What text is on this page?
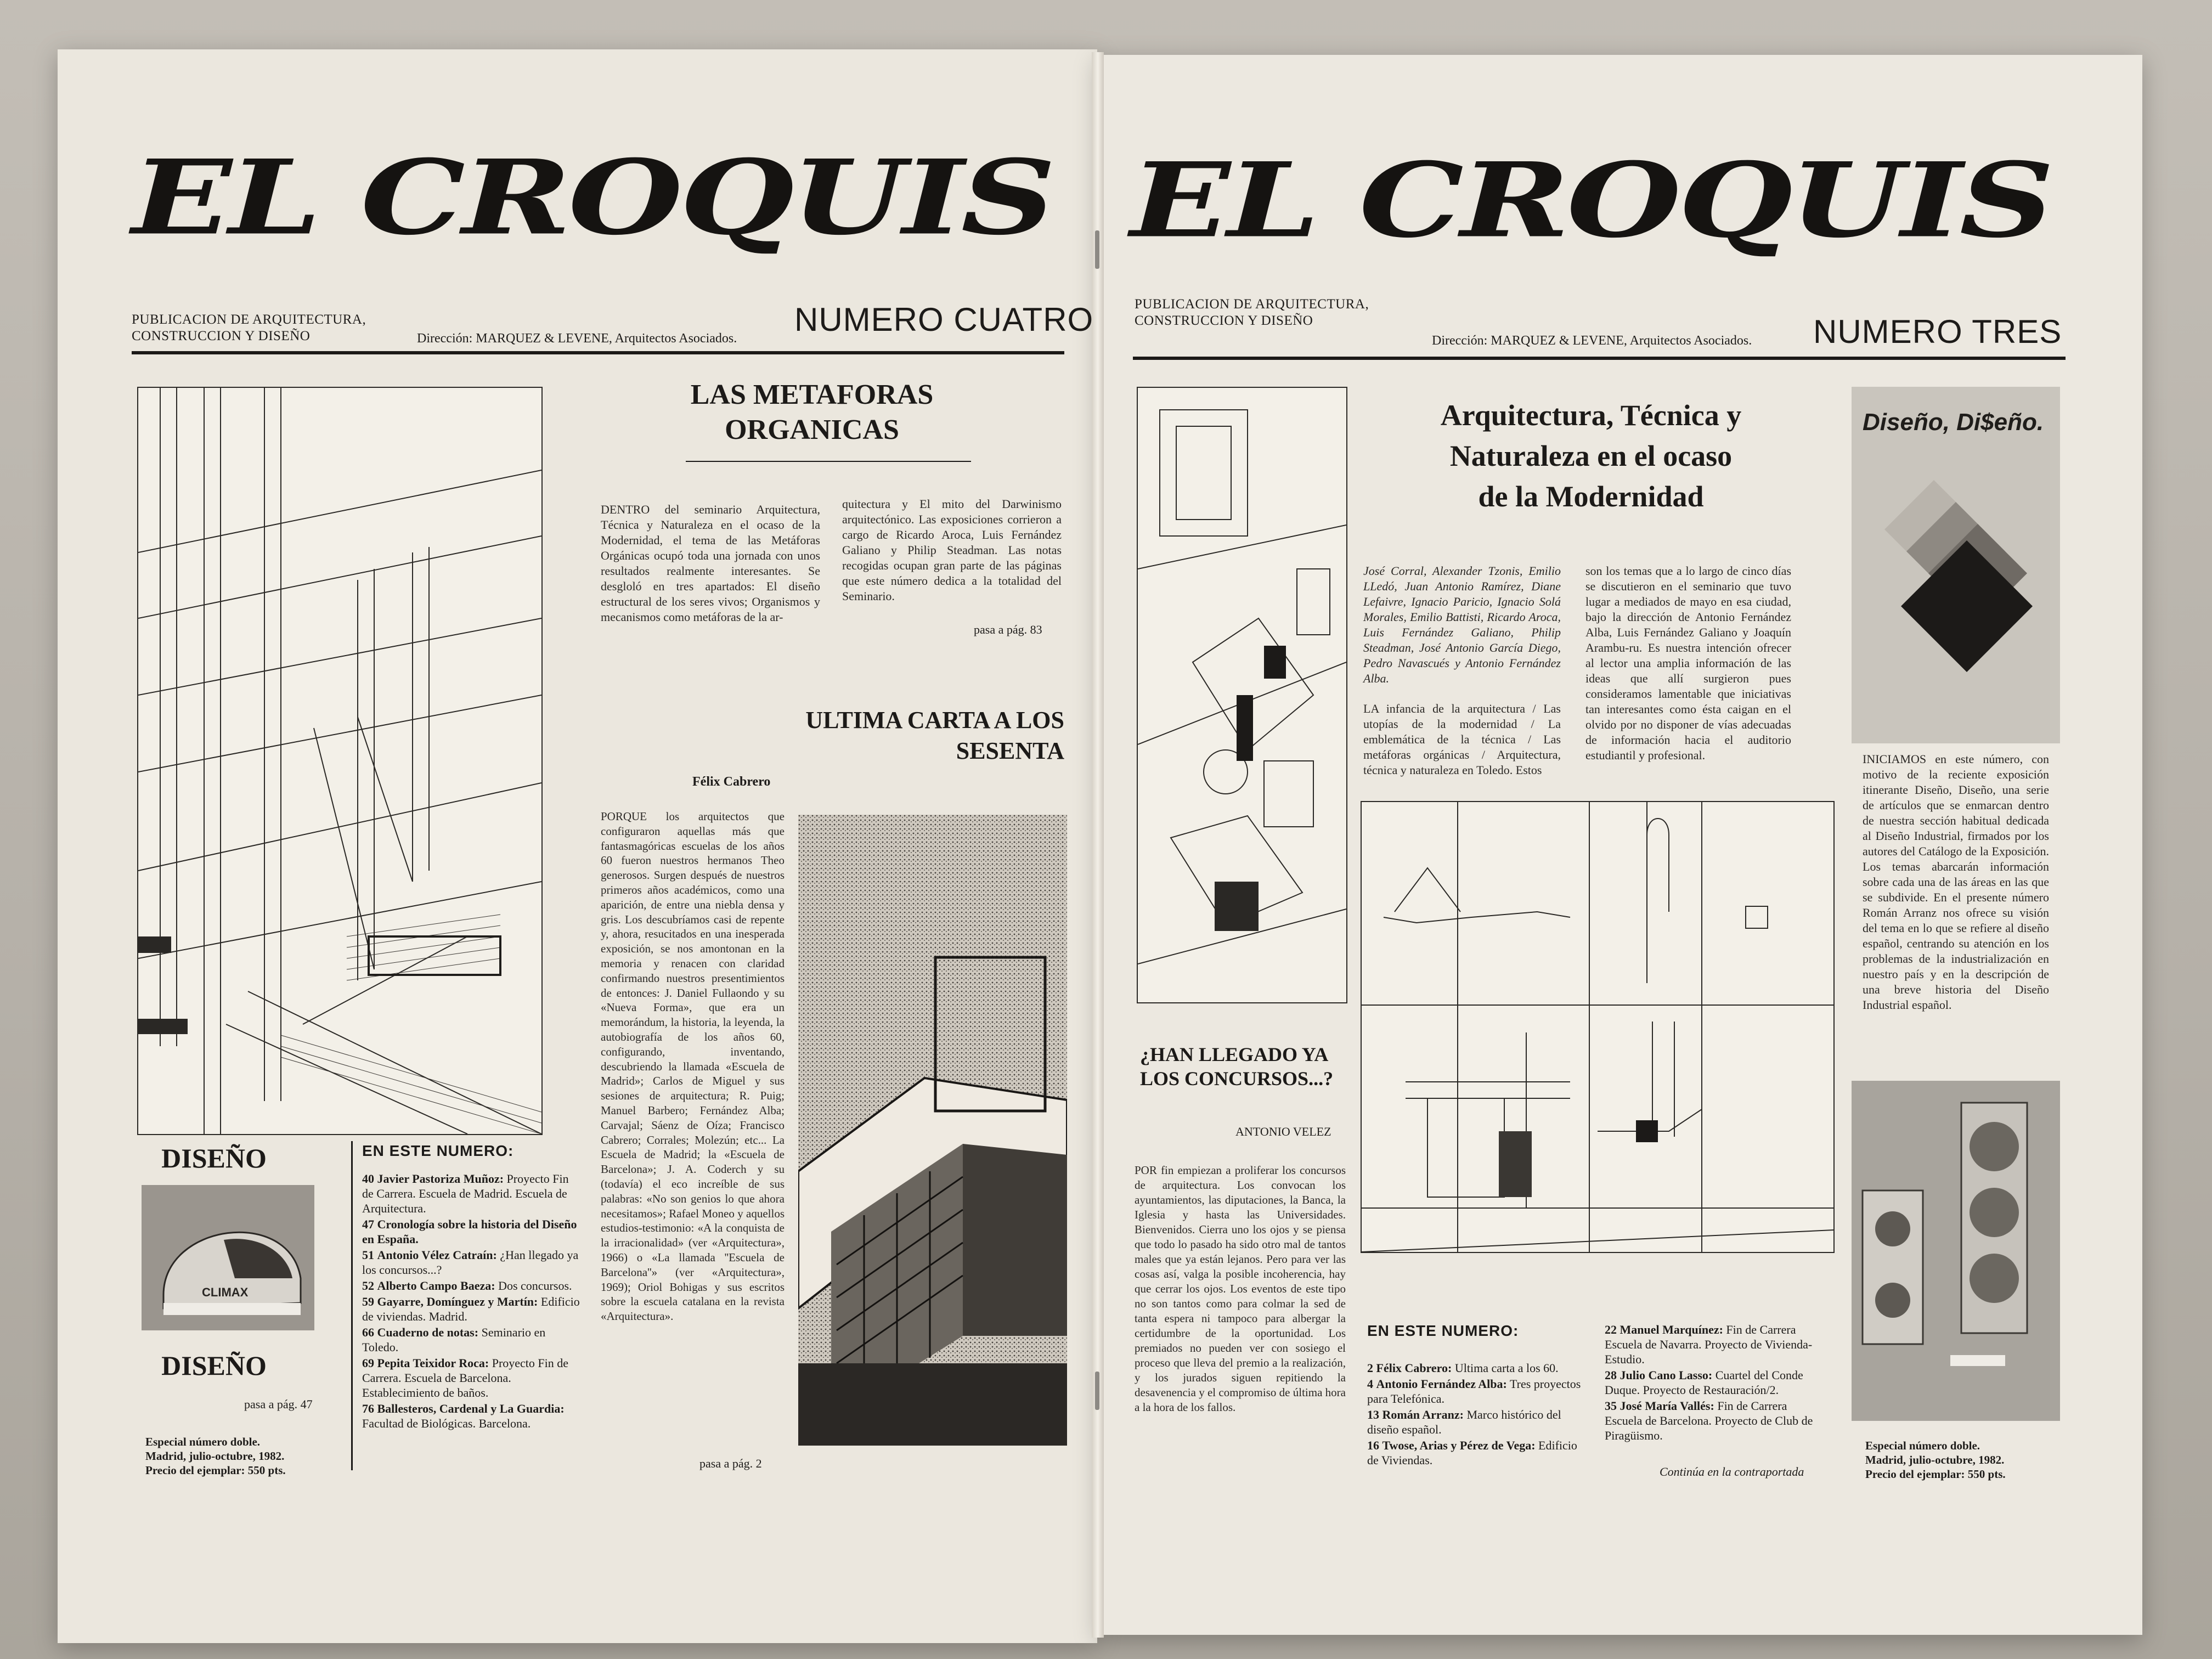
EL CROQUIS
PUBLICACION DE ARQUITECTURA,
CONSTRUCCION Y DISEÑO	Dirección: MARQUEZ & LEVENE, Arquitectos Asociados.
NUMERO CUATRO
LAS METAFORAS
ORGANICAS
DENTRO del seminario Arquitectura, Técnica y Naturaleza en el ocaso de la Modernidad, el tema de las Metáforas Orgánicas ocupó toda una jornada con unos resultados realmente interesantes. Se desgloló en tres apartados: El diseño estructural de los seres vivos; Organismos y mecanismos como metáforas de la ar-
quitectura y El mito del Darwinismo arquitectónico. Las exposiciones corrieron a cargo de Ricardo Aroca, Luis Fernández Galiano y Philip Steadman. Las notas recogidas ocupan gran parte de las páginas que este número dedica a la totalidad del Seminario.
pasa a pág. 83
ULTIMA CARTA A LOS
SESENTA
Félix Cabrero
PORQUE los arquitectos que configuraron aquellas más que fantasmagóricas escuelas de los años 60 fueron nuestros hermanos Theo generosos. Surgen después de nuestros primeros años académicos, como una aparición, de entre una niebla densa y gris. Los descubríamos casi de repente y, ahora, resucitados en una inesperada exposición, se nos amontonan en la memoria y renacen con claridad confirmando nuestros presentimientos de entonces: J. Daniel Fullaondo y su «Nueva Forma», que era un memorándum, la historia, la leyenda, la autobiografía de los años 60, configurando, inventando, descubriendo la llamada «Escuela de Madrid»; Carlos de Miguel y sus sesiones de arquitectura; R. Puig; Manuel Barbero; Fernández Alba; Carvajal; Sáenz de Oíza; Francisco Cabrero; Corrales; Molezún; etc... La Escuela de Madrid; la «Escuela de Barcelona»; J. A. Coderch y su (todavía) el eco increíble de sus palabras: «No son genios lo que ahora necesitamos»; Rafael Moneo y aquellos estudios-testimonio: «A la conquista de la irracionalidad» (ver «Arquitectura», 1966) o «La llamada ''Escuela de Barcelona''» (ver «Arquitectura», 1969); Oriol Bohigas y sus escritos sobre la escuela catalana en la revista «Arquitectura».
pasa a pág. 2
DISEÑO
CLIMAX
DISEÑO
pasa a pág. 47
Especial número doble.
Madrid, julio-octubre, 1982.
Precio del ejemplar: 550 pts.
EN ESTE NUMERO:
40 Javier Pastoriza Muñoz: Proyecto Fin de Carrera. Escuela de Madrid. Escuela de Arquitectura.
47 Cronología sobre la historia del Diseño en España.
51 Antonio Vélez Catraín: ¿Han llegado ya los concursos...?
52 Alberto Campo Baeza: Dos concursos.
59 Gayarre, Domínguez y Martín: Edificio de viviendas. Madrid.
66 Cuaderno de notas: Seminario en Toledo.
69 Pepita Teixidor Roca: Proyecto Fin de Carrera. Escuela de Barcelona. Establecimiento de baños.
76 Ballesteros, Cardenal y La Guardia: Facultad de Biológicas. Barcelona.
EL CROQUIS
PUBLICACION DE ARQUITECTURA,
CONSTRUCCION Y DISEÑO
Dirección: MARQUEZ & LEVENE, Arquitectos Asociados. NUMERO TRES
Arquitectura, Técnica y
Naturaleza en el ocaso
de la Modernidad
José Corral, Alexander Tzonis, Emilio LLedó, Juan Antonio Ramírez, Diane Lefaivre, Ignacio Paricio, Ignacio Solá Morales, Emilio Battisti, Ricardo Aroca, Luis Fernández Galiano, Philip Steadman, José Antonio García Diego, Pedro Navascués y Antonio Fernández Alba.
LA infancia de la arquitectura / Las utopías de la modernidad / La emblemática de la técnica / Las metáforas orgánicas / Arquitectura, técnica y naturaleza en Toledo. Estos
son los temas que a lo largo de cinco días se discutieron en el seminario que tuvo lugar a mediados de mayo en esa ciudad, bajo la dirección de Antonio Fernández Alba, Luis Fernández Galiano y Joaquín Arambu-ru. Es nuestra intención ofrecer al lector una amplia información de las ideas que allí surgieron pues consideramos lamentable que iniciativas tan interesantes como ésta caigan en el olvido por no disponer de vías adecuadas de información hacia el auditorio estudiantil y profesional.
¿HAN LLEGADO YA
LOS CONCURSOS...?
ANTONIO VELEZ
POR fin empiezan a proliferar los concursos de arquitectura. Los convocan los ayuntamientos, las diputaciones, la Banca, la Iglesia y hasta las Universidades. Bienvenidos. Cierra uno los ojos y se piensa que todo lo pasado ha sido otro mal de tantos males que ya están lejanos. Pero para ver las cosas así, valga la posible incoherencia, hay que cerrar los ojos. Los eventos de este tipo no son tantos como para colmar la sed de tanta espera ni tampoco para albergar la certidumbre de la oportunidad. Los premiados no pueden ver con sosiego el proceso que lleva del premio a la realización, y los jurados siguen repitiendo la desavenencia y el compromiso de última hora a la hora de los fallos.
EN ESTE NUMERO:
2 Félix Cabrero: Ultima carta a los 60.
4 Antonio Fernández Alba: Tres proyectos para Telefónica.
13 Román Arranz: Marco histórico del diseño español.
16 Twose, Arias y Pérez de Vega: Edificio de Viviendas.
22 Manuel Marquínez: Fin de Carrera Escuela de Navarra. Proyecto de Vivienda-Estudio.
28 Julio Cano Lasso: Cuartel del Conde Duque. Proyecto de Restauración/2.
35 José María Vallés: Fin de Carrera Escuela de Barcelona. Proyecto de Club de Piragüismo.
Continúa en la contraportada
Diseño, Di$eño.
INICIAMOS en este número, con motivo de la reciente exposición itinerante Diseño, Diseño, una serie de artículos que se enmarcan dentro de nuestra sección habitual dedicada al Diseño Industrial, firmados por los autores del Catálogo de la Exposición. Los temas abarcarán información sobre cada una de las áreas en las que se subdivide. En el presente número Román Arranz nos ofrece su visión del tema en lo que se refiere al diseño español, centrando su atención en los problemas de la industrialización en nuestro país y en la descripción de una breve historia del Diseño Industrial español.
Especial número doble.
Madrid, julio-octubre, 1982.
Precio del ejemplar: 550 pts.
